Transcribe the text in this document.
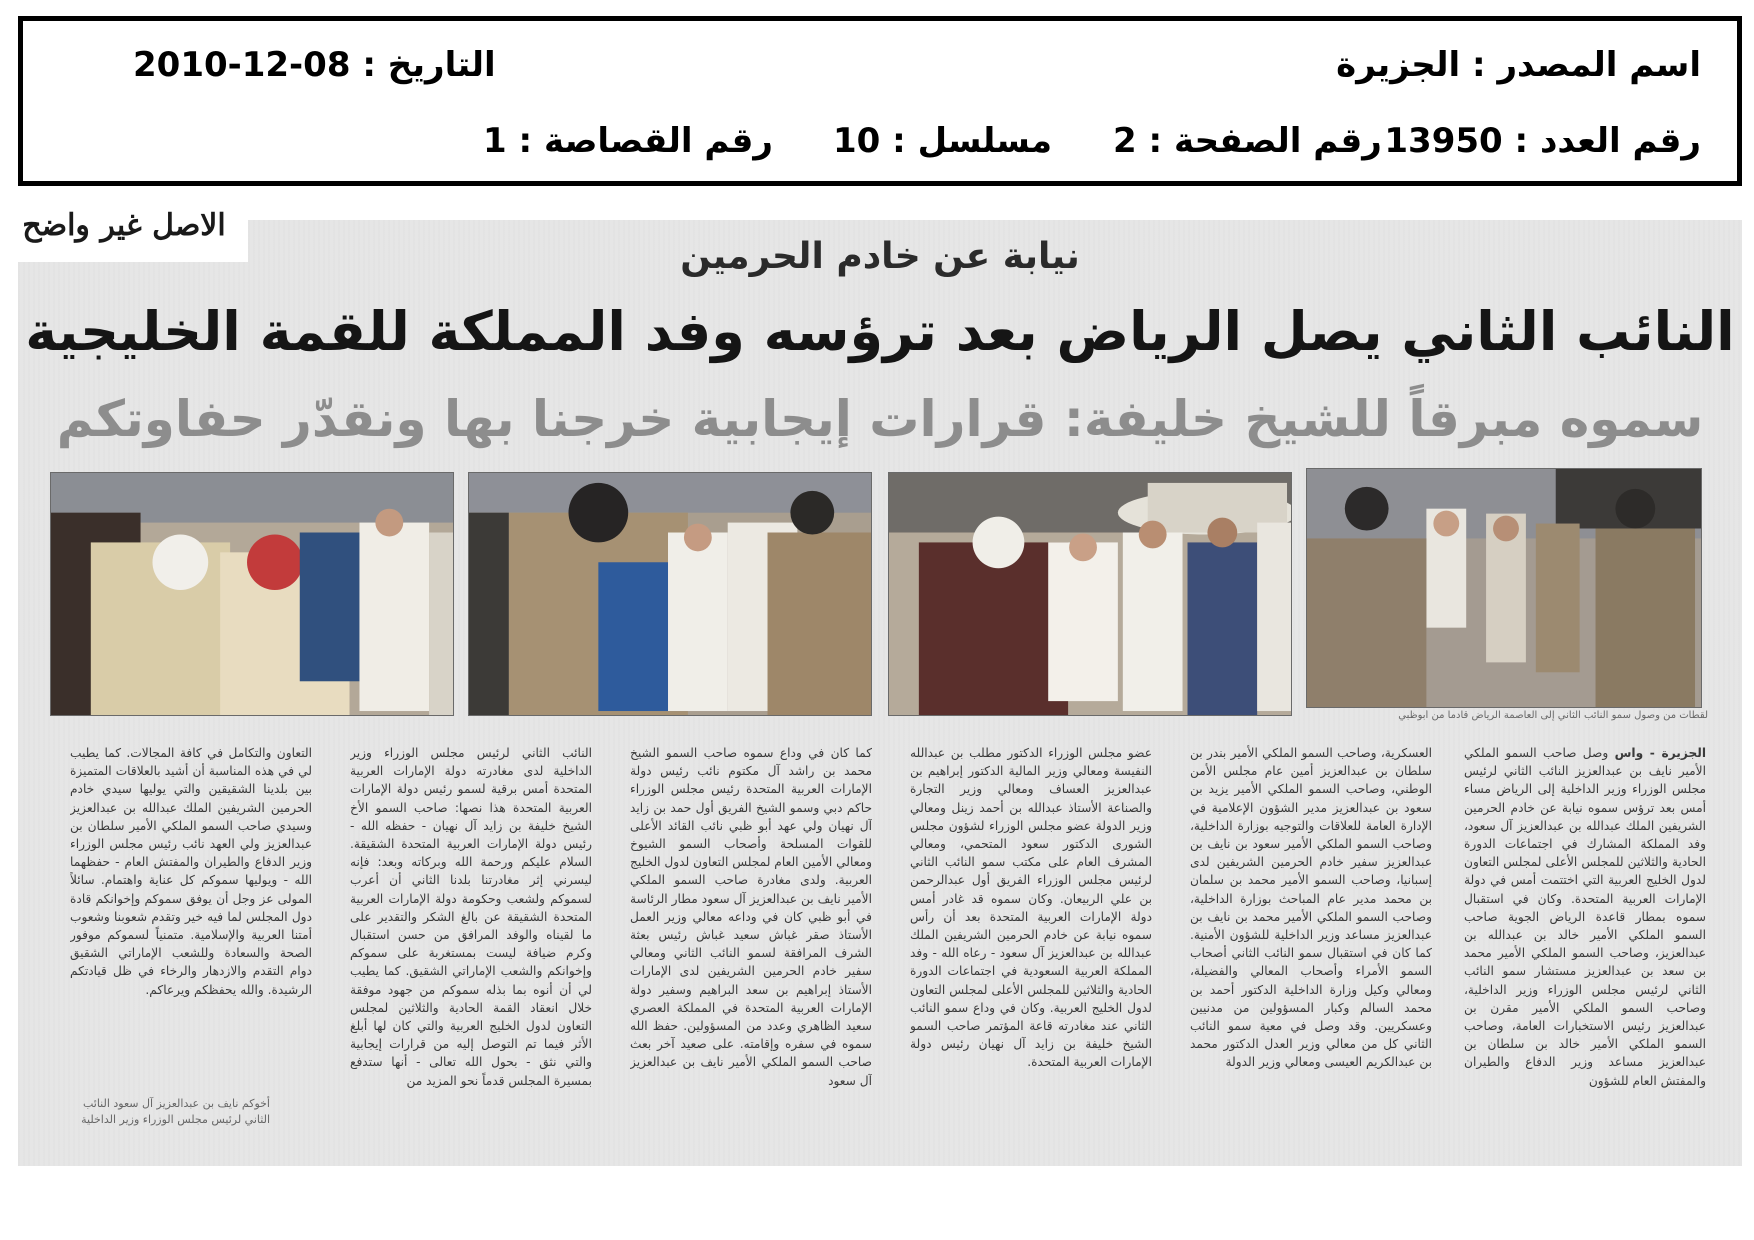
اسم المصدر : الجزيرة
التاريخ : 2010-12-08
رقم العدد : 13950
رقم الصفحة : 2
مسلسل : 10
رقم القصاصة : 1
الاصل غير واضح
نيابة عن خادم الحرمين
النائب الثاني يصل الرياض بعد ترؤسه وفد المملكة للقمة الخليجية
سموه مبرقاً للشيخ خليفة: قرارات إيجابية خرجنا بها ونقدّر حفاوتكم
لقطات من وصول سمو النائب الثاني إلى العاصمة الرياض قادماً من أبوظبي
الجزيرة - واس وصل صاحب السمو الملكي الأمير نايف بن عبدالعزيز النائب الثاني لرئيس مجلس الوزراء وزير الداخلية إلى الرياض مساء أمس بعد ترؤس سموه نيابة عن خادم الحرمين الشريفين الملك عبدالله بن عبدالعزيز آل سعود، وفد المملكة المشارك في اجتماعات الدورة الحادية والثلاثين للمجلس الأعلى لمجلس التعاون لدول الخليج العربية التي اختتمت أمس في دولة الإمارات العربية المتحدة. وكان في استقبال سموه بمطار قاعدة الرياض الجوية صاحب السمو الملكي الأمير خالد بن عبدالله بن عبدالعزيز، وصاحب السمو الملكي الأمير محمد بن سعد بن عبدالعزيز مستشار سمو النائب الثاني لرئيس مجلس الوزراء وزير الداخلية، وصاحب السمو الملكي الأمير مقرن بن عبدالعزيز رئيس الاستخبارات العامة، وصاحب السمو الملكي الأمير خالد بن سلطان بن عبدالعزيز مساعد وزير الدفاع والطيران والمفتش العام للشؤون
العسكرية، وصاحب السمو الملكي الأمير بندر بن سلطان بن عبدالعزيز أمين عام مجلس الأمن الوطني، وصاحب السمو الملكي الأمير يزيد بن سعود بن عبدالعزيز مدير الشؤون الإعلامية في الإدارة العامة للعلاقات والتوجيه بوزارة الداخلية، وصاحب السمو الملكي الأمير سعود بن نايف بن عبدالعزيز سفير خادم الحرمين الشريفين لدى إسبانيا، وصاحب السمو الأمير محمد بن سلمان بن محمد مدير عام المباحث بوزارة الداخلية، وصاحب السمو الملكي الأمير محمد بن نايف بن عبدالعزيز مساعد وزير الداخلية للشؤون الأمنية. كما كان في استقبال سمو النائب الثاني أصحاب السمو الأمراء وأصحاب المعالي والفضيلة، ومعالي وكيل وزارة الداخلية الدكتور أحمد بن محمد السالم وكبار المسؤولين من مدنيين وعسكريين. وقد وصل في معية سمو النائب الثاني كل من معالي وزير العدل الدكتور محمد بن عبدالكريم العيسى ومعالي وزير الدولة
عضو مجلس الوزراء الدكتور مطلب بن عبدالله النفيسة ومعالي وزير المالية الدكتور إبراهيم بن عبدالعزيز العساف ومعالي وزير التجارة والصناعة الأستاذ عبدالله بن أحمد زينل ومعالي وزير الدولة عضو مجلس الوزراء لشؤون مجلس الشورى الدكتور سعود المتحمي، ومعالي المشرف العام على مكتب سمو النائب الثاني لرئيس مجلس الوزراء الفريق أول عبدالرحمن بن علي الربيعان. وكان سموه قد غادر أمس دولة الإمارات العربية المتحدة بعد أن رأس سموه نيابة عن خادم الحرمين الشريفين الملك عبدالله بن عبدالعزيز آل سعود - رعاه الله - وفد المملكة العربية السعودية في اجتماعات الدورة الحادية والثلاثين للمجلس الأعلى لمجلس التعاون لدول الخليج العربية. وكان في وداع سمو النائب الثاني عند مغادرته قاعة المؤتمر صاحب السمو الشيخ خليفة بن زايد آل نهيان رئيس دولة الإمارات العربية المتحدة.
كما كان في وداع سموه صاحب السمو الشيخ محمد بن راشد آل مكتوم نائب رئيس دولة الإمارات العربية المتحدة رئيس مجلس الوزراء حاكم دبي وسمو الشيخ الفريق أول حمد بن زايد آل نهيان ولي عهد أبو ظبي نائب القائد الأعلى للقوات المسلحة وأصحاب السمو الشيوخ ومعالي الأمين العام لمجلس التعاون لدول الخليج العربية. ولدى مغادرة صاحب السمو الملكي الأمير نايف بن عبدالعزيز آل سعود مطار الرئاسة في أبو ظبي كان في وداعه معالي وزير العمل الأستاذ صقر غباش سعيد غباش رئيس بعثة الشرف المرافقة لسمو النائب الثاني ومعالي سفير خادم الحرمين الشريفين لدى الإمارات الأستاذ إبراهيم بن سعد البراهيم وسفير دولة الإمارات العربية المتحدة في المملكة العصري سعيد الظاهري وعدد من المسؤولين. حفظ الله سموه في سفره وإقامته. على صعيد آخر بعث صاحب السمو الملكي الأمير نايف بن عبدالعزيز آل سعود
النائب الثاني لرئيس مجلس الوزراء وزير الداخلية لدى مغادرته دولة الإمارات العربية المتحدة أمس برقية لسمو رئيس دولة الإمارات العربية المتحدة هذا نصها: صاحب السمو الأخ الشيخ خليفة بن زايد آل نهيان - حفظه الله - رئيس دولة الإمارات العربية المتحدة الشقيقة. السلام عليكم ورحمة الله وبركاته وبعد: فإنه ليسرني إثر مغادرتنا بلدنا الثاني أن أعرب لسموكم ولشعب وحكومة دولة الإمارات العربية المتحدة الشقيقة عن بالغ الشكر والتقدير على ما لقيناه والوفد المرافق من حسن استقبال وكرم ضيافة ليست بمستغربة على سموكم وإخوانكم والشعب الإماراتي الشقيق. كما يطيب لي أن أنوه بما بذله سموكم من جهود موفقة خلال انعقاد القمة الحادية والثلاثين لمجلس التعاون لدول الخليج العربية والتي كان لها أبلغ الأثر فيما تم التوصل إليه من قرارات إيجابية والتي نثق - بحول الله تعالى - أنها ستدفع بمسيرة المجلس قدماً نحو المزيد من
التعاون والتكامل في كافة المجالات. كما يطيب لي في هذه المناسبة أن أشيد بالعلاقات المتميزة بين بلدينا الشقيقين والتي يوليها سيدي خادم الحرمين الشريفين الملك عبدالله بن عبدالعزيز وسيدي صاحب السمو الملكي الأمير سلطان بن عبدالعزيز ولي العهد نائب رئيس مجلس الوزراء وزير الدفاع والطيران والمفتش العام - حفظهما الله - ويوليها سموكم كل عناية واهتمام. سائلاً المولى عز وجل أن يوفق سموكم وإخوانكم قادة دول المجلس لما فيه خير وتقدم شعوبنا وشعوب أمتنا العربية والإسلامية. متمنياً لسموكم موفور الصحة والسعادة وللشعب الإماراتي الشقيق دوام التقدم والازدهار والرخاء في ظل قيادتكم الرشيدة. والله يحفظكم ويرعاكم.
أخوكم نايف بن عبدالعزيز آل سعود النائب الثاني لرئيس مجلس الوزراء وزير الداخلية
